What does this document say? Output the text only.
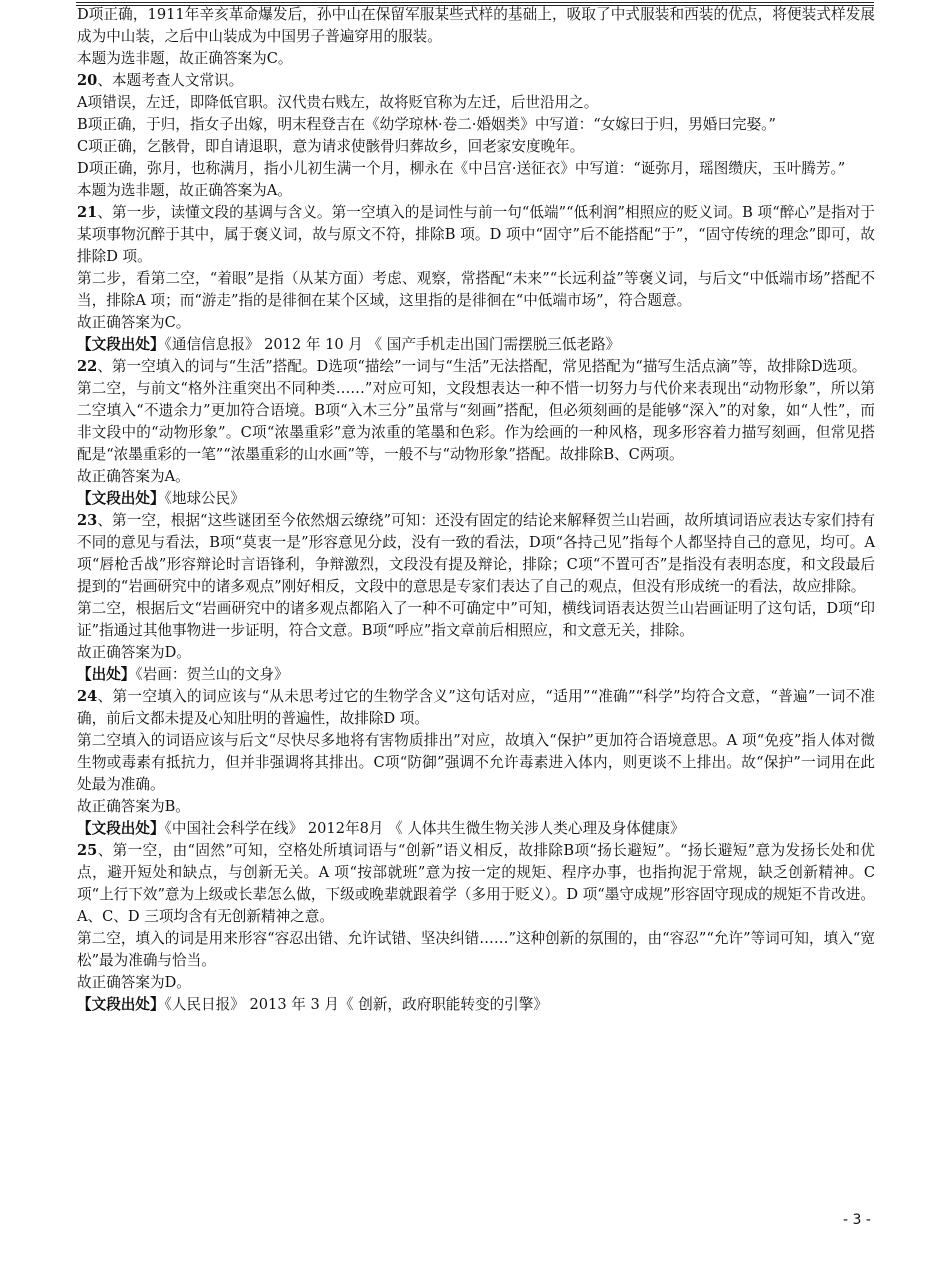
D项正确，1911年辛亥革命爆发后，孙中山在保留军服某些式样的基础上，吸取了中式服装和西装的优点，将便装式样发展成为中山装，之后中山装成为中国男子普遍穿用的服装。

本题为选非题，故正确答案为C。

20、本题考查人文常识。

A项错误，左迁，即降低官职。汉代贵右贱左，故将贬官称为左迁，后世沿用之。

B项正确，于归，指女子出嫁，明末程登吉在《幼学琼林·卷二·婚姻类》中写道：“女嫁曰于归，男婚曰完娶。”

C项正确，乞骸骨，即自请退职，意为请求使骸骨归葬故乡，回老家安度晚年。

D项正确，弥月，也称满月，指小儿初生满一个月，柳永在《中吕宫·送征衣》中写道：“诞弥月，瑶图缵庆，玉叶腾芳。”

本题为选非题，故正确答案为A。

21、第一步，读懂文段的基调与含义。第一空填入的是词性与前一句“低端”“低利润”相照应的贬义词。B 项“醉心”是指对于某项事物沉醉于其中，属于褒义词，故与原文不符，排除B 项。D 项中“固守”后不能搭配“于”，“固守传统的理念”即可，故排除D 项。

第二步，看第二空，“着眼”是指（从某方面）考虑、观察，常搭配“未来”“长远利益”等褒义词，与后文“中低端市场”搭配不当，排除A 项；而“游走”指的是徘徊在某个区域，这里指的是徘徊在“中低端市场”，符合题意。

故正确答案为C。

【文段出处】《通信信息报》 2012 年 10 月 《 国产手机走出国门需摆脱三低老路》

22、第一空填入的词与“生活”搭配。D选项“描绘”一词与“生活”无法搭配，常见搭配为“描写生活点滴”等，故排除D选项。

第二空，与前文“格外注重突出不同种类……”对应可知，文段想表达一种不惜一切努力与代价来表现出“动物形象”，所以第二空填入“不遗余力”更加符合语境。B项“入木三分”虽常与“刻画”搭配，但必须刻画的是能够“深入”的对象，如“人性”，而非文段中的“动物形象”。C项“浓墨重彩”意为浓重的笔墨和色彩。作为绘画的一种风格，现多形容着力描写刻画，但常见搭配是“浓墨重彩的一笔”“浓墨重彩的山水画”等，一般不与“动物形象”搭配。故排除B、C两项。

故正确答案为A。

【文段出处】《地球公民》

23、第一空，根据“这些谜团至今依然烟云缭绕”可知：还没有固定的结论来解释贺兰山岩画，故所填词语应表达专家们持有不同的意见与看法，B项“莫衷一是”形容意见分歧，没有一致的看法，D项“各持己见”指每个人都坚持自己的意见，均可。A项“唇枪舌战”形容辩论时言语锋利，争辩激烈，文段没有提及辩论，排除；C项“不置可否”是指没有表明态度，和文段最后提到的“岩画研究中的诸多观点”刚好相反，文段中的意思是专家们表达了自己的观点，但没有形成统一的看法，故应排除。

第二空，根据后文“岩画研究中的诸多观点都陷入了一种不可确定中”可知，横线词语表达贺兰山岩画证明了这句话，D项“印证”指通过其他事物进一步证明，符合文意。B项“呼应”指文章前后相照应，和文意无关，排除。

故正确答案为D。

【出处】《岩画：贺兰山的文身》

24、第一空填入的词应该与“从未思考过它的生物学含义”这句话对应，“适用”“准确”“科学”均符合文意，“普遍”一词不准确，前后文都未提及心知肚明的普遍性，故排除D 项。

第二空填入的词语应该与后文“尽快尽多地将有害物质排出”对应，故填入“保护”更加符合语境意思。A 项“免疫”指人体对微生物或毒素有抵抗力，但并非强调将其排出。C项“防御”强调不允许毒素进入体内，则更谈不上排出。故“保护”一词用在此处最为准确。

故正确答案为B。

【文段出处】《中国社会科学在线》 2012年8月 《 人体共生微生物关涉人类心理及身体健康》

25、第一空，由“固然”可知，空格处所填词语与“创新”语义相反，故排除B项“扬长避短”。“扬长避短”意为发扬长处和优点，避开短处和缺点，与创新无关。A 项“按部就班”意为按一定的规矩、程序办事，也指拘泥于常规，缺乏创新精神。C 项“上行下效”意为上级或长辈怎么做，下级或晚辈就跟着学（多用于贬义）。D 项“墨守成规”形容固守现成的规矩不肯改进。A、C、D 三项均含有无创新精神之意。

第二空，填入的词是用来形容“容忍出错、允许试错、坚决纠错……”这种创新的氛围的，由“容忍”“允许”等词可知，填入“宽松”最为准确与恰当。

故正确答案为D。

【文段出处】《人民日报》 2013 年 3 月《 创新，政府职能转变的引擎》

- 3 -
